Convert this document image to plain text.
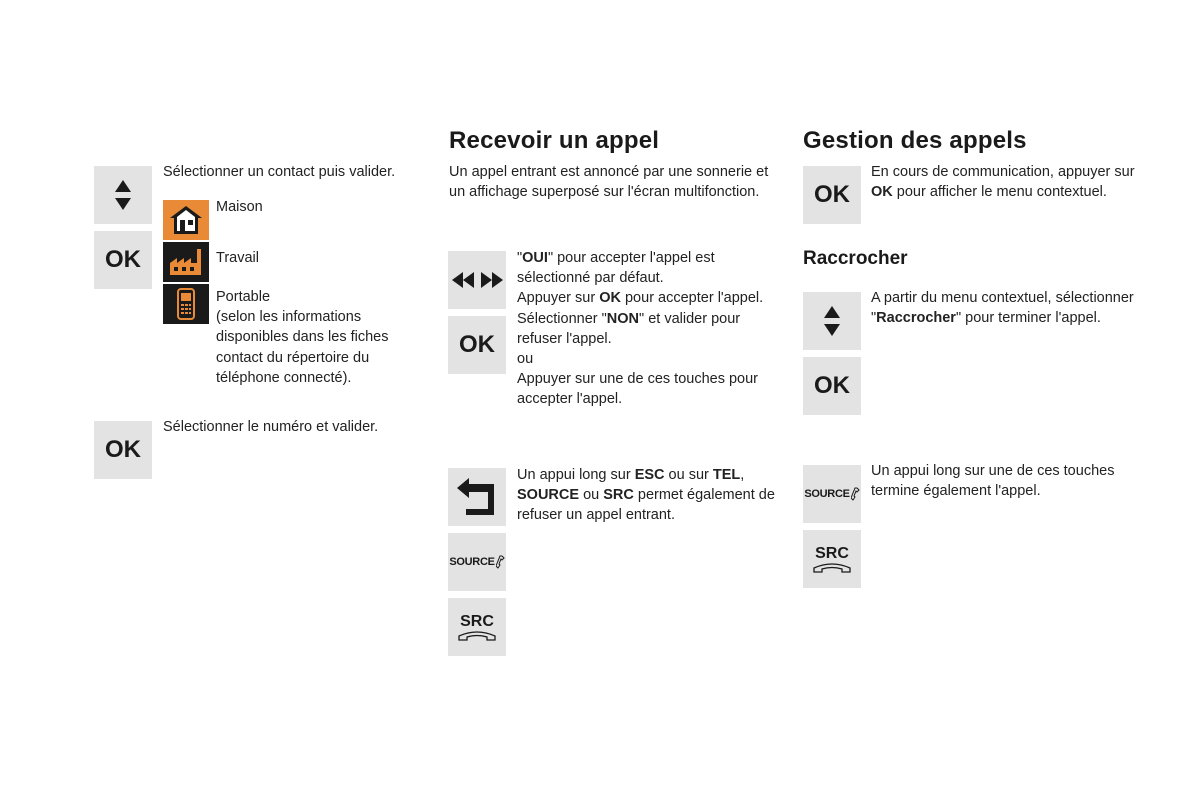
OK

Sélectionner un contact puis valider.

Maison
Travail

Portable

(selon les informations disponibles dans les fiches contact du répertoire du téléphone connecté).

OK
Sélectionner le numéro et valider.
Recevoir un appel
Un appel entrant est annoncé par une sonnerie et un affichage superposé sur l'écran multifonction.
OK

"OUI" pour accepter l'appel est sélectionné par défaut.

Appuyer sur OK pour accepter l'appel.

Sélectionner "NON" et valider pour refuser l'appel.

ou

Appuyer sur une de ces touches pour accepter l'appel.

SOURCE
SRC
Un appui long sur ESC ou sur TEL, SOURCE ou SRC permet également de refuser un appel entrant.
Gestion des appels
OK
En cours de communication, appuyer sur OK pour afficher le menu contextuel.
Raccrocher
OK
A partir du menu contextuel, sélectionner "Raccrocher" pour terminer l'appel.
SOURCE
SRC
Un appui long sur une de ces touches termine également l'appel.
